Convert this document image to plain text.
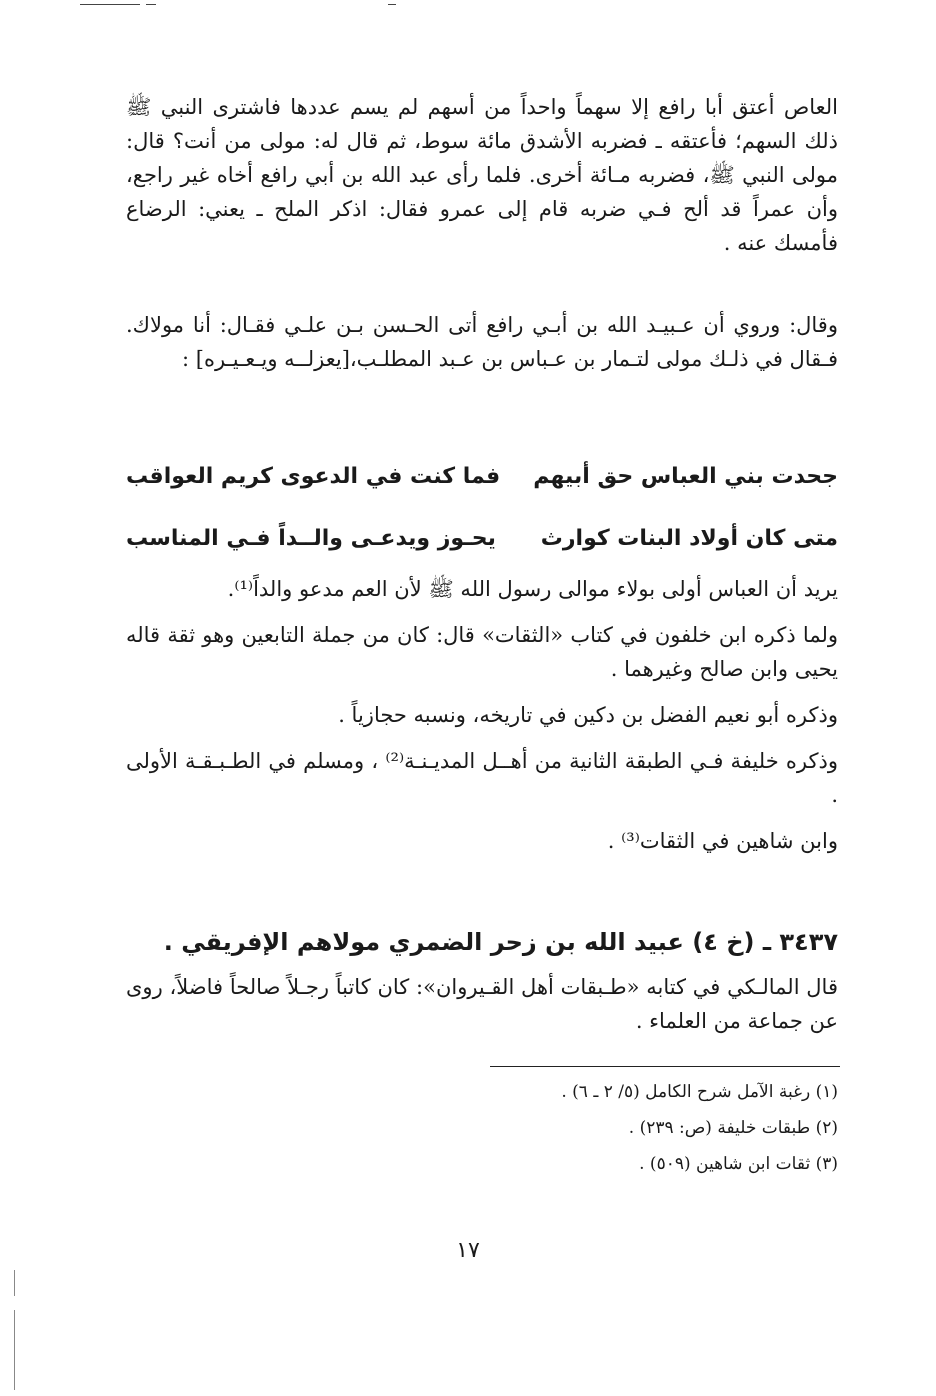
العاص أعتق أبا رافع إلا سهماً واحداً من أسهم لم يسم عددها فاشترى النبي ﷺ ذلك السهم؛ فأعتقه ـ فضربه الأشدق مائة سوط، ثم قال له: مولى من أنت؟ قال: مولى النبي ﷺ، فضربه مـائة أخرى. فلما رأى عبد الله بن أبي رافع أخاه غير راجع، وأن عمراً قد ألح فـي ضربه قام إلى عمرو فقال: اذكر الملح ـ يعني: الرضاع فأمسك عنه .

وقال: وروي أن عـبيـد الله بن أبـي رافع أتى الحـسن بـن علـي فقـال: أنا مولاك. فـقال في ذلـك مولى لتـمار بن عـباس بن عـبد المطلـب،[يعزلــه ويـعـيـره] :

جحدت بني العباس حق أبيهم
فما كنت في الدعوى كريم العواقب
متى كان أولاد البنات كوارث
يحـوز ويدعـى والــداً فـي المناسب

يريد أن العباس أولى بولاء موالى رسول الله ﷺ لأن العم مدعو والداً⁽¹⁾.

ولما ذكره ابن خلفون في كتاب «الثقات» قال: كان من جملة التابعين وهو ثقة قاله يحيى وابن صالح وغيرهما .

وذكره أبو نعيم الفضل بن دكين في تاريخه، ونسبه حجازياً .

وذكره خليفة فـي الطبقة الثانية من أهــل المديـنـة⁽²⁾ ، ومسلم في الطـبـقـة الأولى .

وابن شاهين في الثقات⁽³⁾ .

٣٤٣٧ ـ (خ ٤) عبيد الله بن زحر الضمري مولاهم الإفريقي .

قال المالـكي في كتابه «طـبقات أهل القـيروان»: كان كاتباً رجـلاً صالحاً فاضلاً، روى عن جماعة من العلماء .

(١) رغبة الآمل شرح الكامل (٥/ ٢ ـ ٦) .

(٢) طبقات خليفة (ص: ٢٣٩) .

(٣) ثقات ابن شاهين (٥٠٩) .

١٧
